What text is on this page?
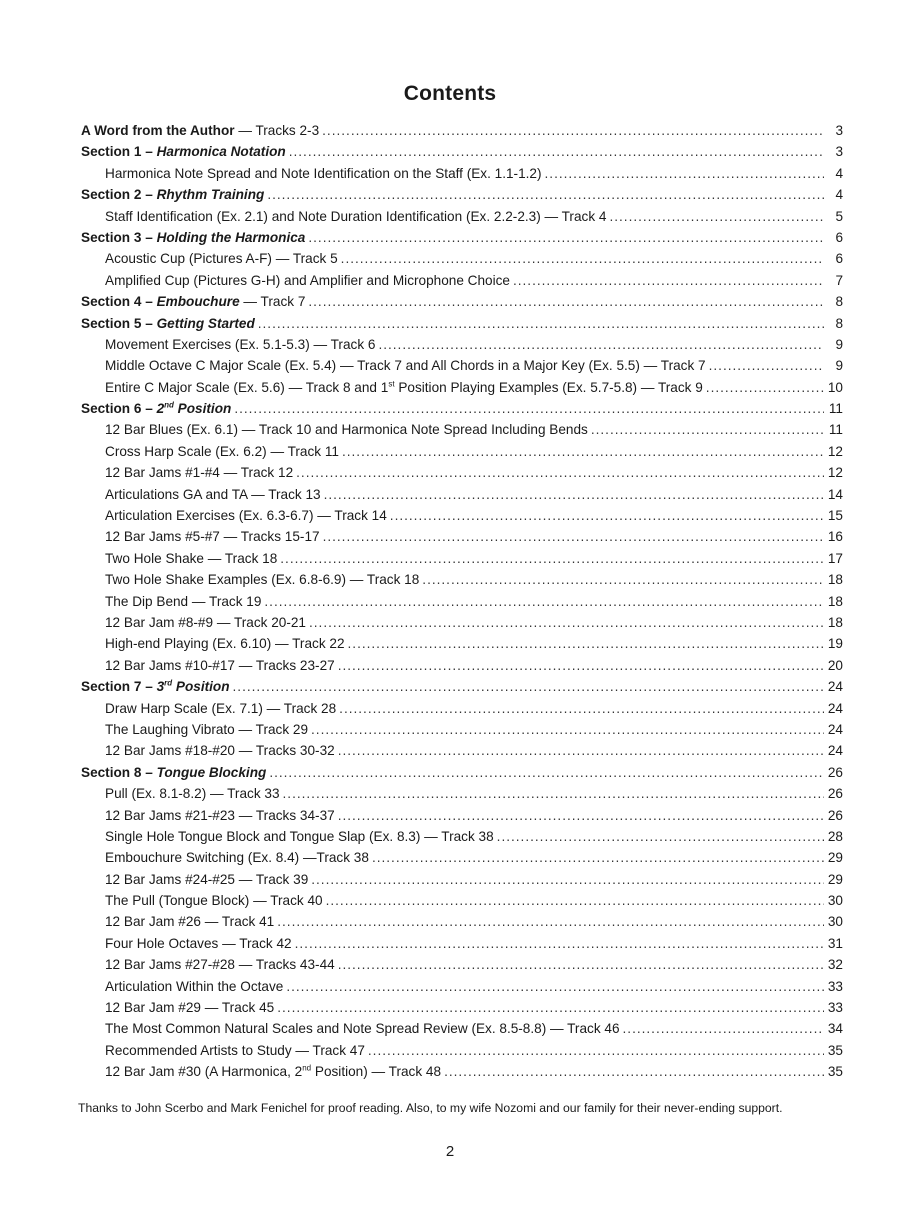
Contents
A Word from the Author — Tracks 2-3 .....	3
Section 1 – Harmonica Notation .....	3
Harmonica Note Spread and Note Identification on the Staff (Ex. 1.1-1.2) .....	4
Section 2 – Rhythm Training .....	4
Staff Identification (Ex. 2.1) and Note Duration Identification (Ex. 2.2-2.3) — Track 4 .....	5
Section 3 – Holding the Harmonica .....	6
Acoustic Cup (Pictures A-F) — Track 5 .....	6
Amplified Cup (Pictures G-H) and Amplifier and Microphone Choice .....	7
Section 4 – Embouchure — Track 7 .....	8
Section 5 – Getting Started .....	8
Movement Exercises (Ex. 5.1-5.3) — Track 6 .....	9
Middle Octave C Major Scale (Ex. 5.4) — Track 7 and All Chords in a Major Key (Ex. 5.5) — Track 7 .....	9
Entire C Major Scale (Ex. 5.6) — Track 8 and 1st Position Playing Examples (Ex. 5.7-5.8) — Track 9 .....	10
Section 6 – 2nd Position .....	11
12 Bar Blues (Ex. 6.1) — Track 10 and Harmonica Note Spread Including Bends .....	11
Cross Harp Scale (Ex. 6.2) — Track 11 .....	12
12 Bar Jams #1-#4 — Track 12 .....	12
Articulations GA and TA — Track 13 .....	14
Articulation Exercises (Ex. 6.3-6.7) — Track 14 .....	15
12 Bar Jams #5-#7 — Tracks 15-17 .....	16
Two Hole Shake — Track 18 .....	17
Two Hole Shake Examples (Ex. 6.8-6.9) — Track 18 .....	18
The Dip Bend — Track 19 .....	18
12 Bar Jam #8-#9 — Track 20-21 .....	18
High-end Playing (Ex. 6.10) — Track 22 .....	19
12 Bar Jams #10-#17 — Tracks 23-27 .....	20
Section 7 – 3rd Position .....	24
Draw Harp Scale (Ex. 7.1) — Track 28 .....	24
The Laughing Vibrato — Track 29 .....	24
12 Bar Jams #18-#20 — Tracks 30-32 .....	24
Section 8 – Tongue Blocking .....	26
Pull (Ex. 8.1-8.2) — Track 33 .....	26
12 Bar Jams #21-#23 — Tracks 34-37 .....	26
Single Hole Tongue Block and Tongue Slap (Ex. 8.3) — Track 38 .....	28
Embouchure Switching (Ex. 8.4) —Track 38 .....	29
12 Bar Jams #24-#25 — Track 39 .....	29
The Pull (Tongue Block) — Track 40 .....	30
12 Bar Jam #26 — Track 41 .....	30
Four Hole Octaves — Track 42 .....	31
12 Bar Jams #27-#28 — Tracks 43-44 .....	32
Articulation Within the Octave .....	33
12 Bar Jam #29 — Track 45 .....	33
The Most Common Natural Scales and Note Spread Review (Ex. 8.5-8.8) — Track 46 .....	34
Recommended Artists to Study — Track 47 .....	35
12 Bar Jam #30 (A Harmonica, 2nd Position) — Track 48 .....	35
Thanks to John Scerbo and Mark Fenichel for proof reading. Also, to my wife Nozomi and our family for their never-ending support.
2
